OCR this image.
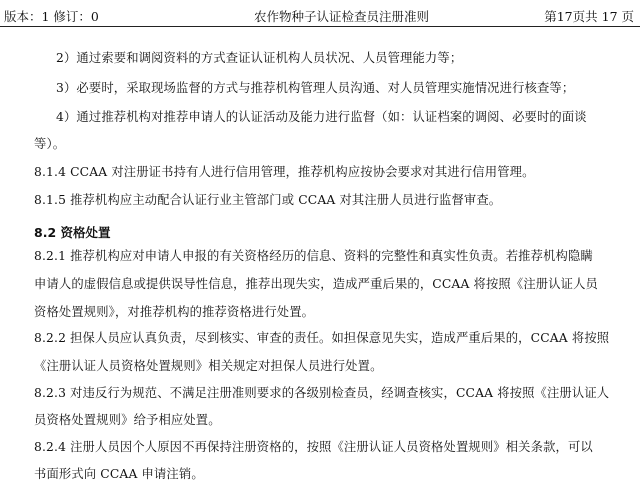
版本：1 修订：0	农作物种子认证检查员注册准则	第17页共 17 页
2）通过索要和调阅资料的方式查证认证机构人员状况、人员管理能力等；
3）必要时，采取现场监督的方式与推荐机构管理人员沟通、对人员管理实施情况进行核查等；
4）通过推荐机构对推荐申请人的认证活动及能力进行监督（如：认证档案的调阅、必要时的面谈
等）。
8.1.4 CCAA 对注册证书持有人进行信用管理，推荐机构应按协会要求对其进行信用管理。
8.1.5 推荐机构应主动配合认证行业主管部门或 CCAA 对其注册人员进行监督审查。
8.2 资格处置
8.2.1 推荐机构应对申请人申报的有关资格经历的信息、资料的完整性和真实性负责。若推荐机构隐瞒
申请人的虚假信息或提供误导性信息，推荐出现失实，造成严重后果的，CCAA 将按照《注册认证人员
资格处置规则》，对推荐机构的推荐资格进行处置。
8.2.2 担保人员应认真负责，尽到核实、审查的责任。如担保意见失实，造成严重后果的，CCAA 将按照
《注册认证人员资格处置规则》相关规定对担保人员进行处置。
8.2.3 对违反行为规范、不满足注册准则要求的各级别检查员，经调查核实，CCAA 将按照《注册认证人
员资格处置规则》给予相应处置。
8.2.4 注册人员因个人原因不再保持注册资格的，按照《注册认证人员资格处置规则》相关条款，可以
书面形式向 CCAA 申请注销。
